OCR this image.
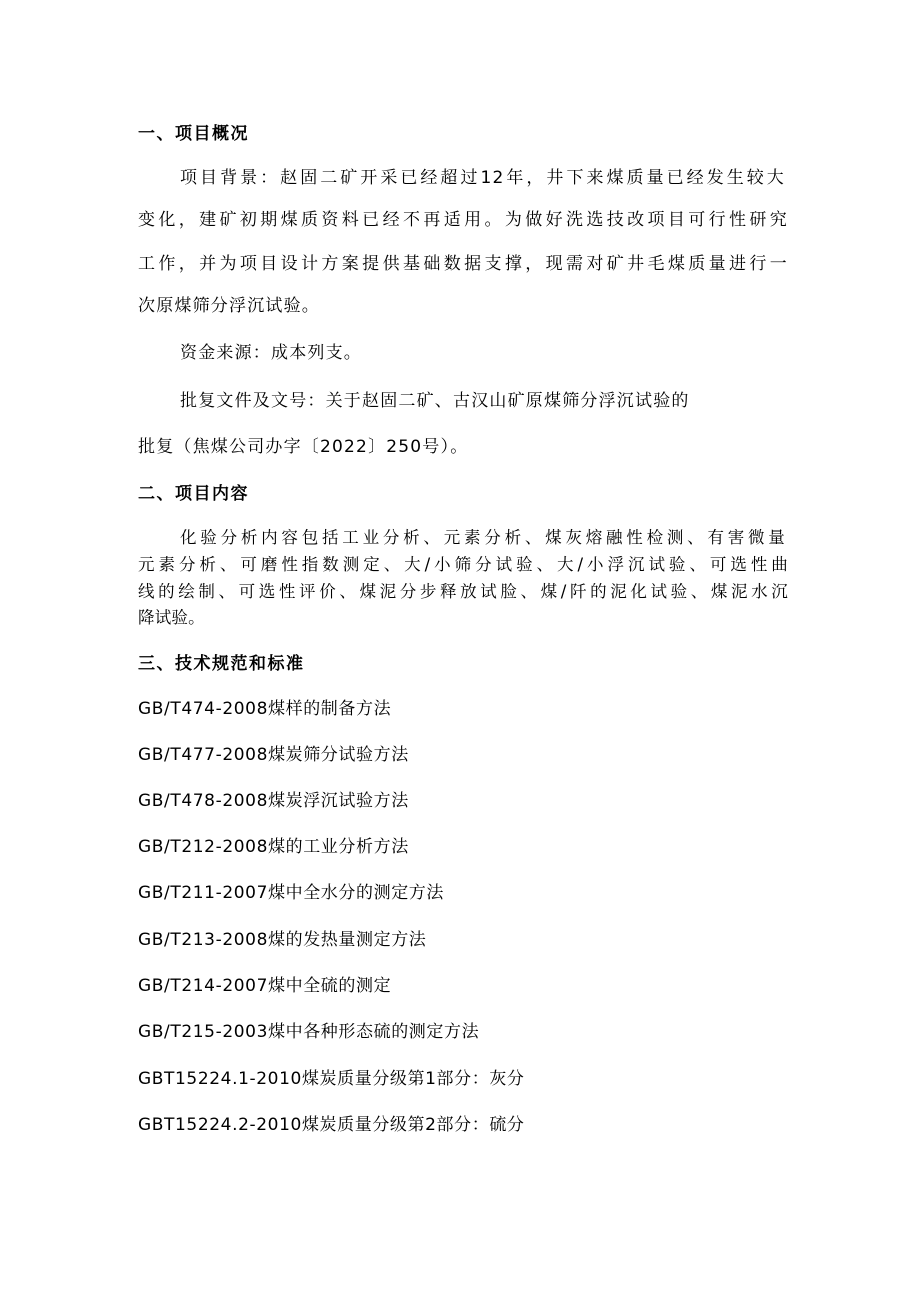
一、项目概况
项目背景：赵固二矿开采已经超过12年，井下来煤质量已经发生较大
变化，建矿初期煤质资料已经不再适用。为做好洗选技改项目可行性研究
工作，并为项目设计方案提供基础数据支撑，现需对矿井毛煤质量进行一
次原煤筛分浮沉试验。
资金来源：成本列支。
批复文件及文号：关于赵固二矿、古汉山矿原煤筛分浮沉试验的
批复（焦煤公司办字〔2022〕250号）。
二、项目内容
化验分析内容包括工业分析、元素分析、煤灰熔融性检测、有害微量
元素分析、可磨性指数测定、大/小筛分试验、大/小浮沉试验、可选性曲
线的绘制、可选性评价、煤泥分步释放试脸、煤/阡的泥化试验、煤泥水沉
降试验。
三、技术规范和标准
GB/T474-2008煤样的制备方法
GB/T477-2008煤炭筛分试验方法
GB/T478-2008煤炭浮沉试验方法
GB/T212-2008煤的工业分析方法
GB/T211-2007煤中全水分的测定方法
GB/T213-2008煤的发热量测定方法
GB/T214-2007煤中全硫的测定
GB/T215-2003煤中各种形态硫的测定方法
GBT15224.1-2010煤炭质量分级第1部分：灰分
GBT15224.2-2010煤炭质量分级第2部分：硫分
